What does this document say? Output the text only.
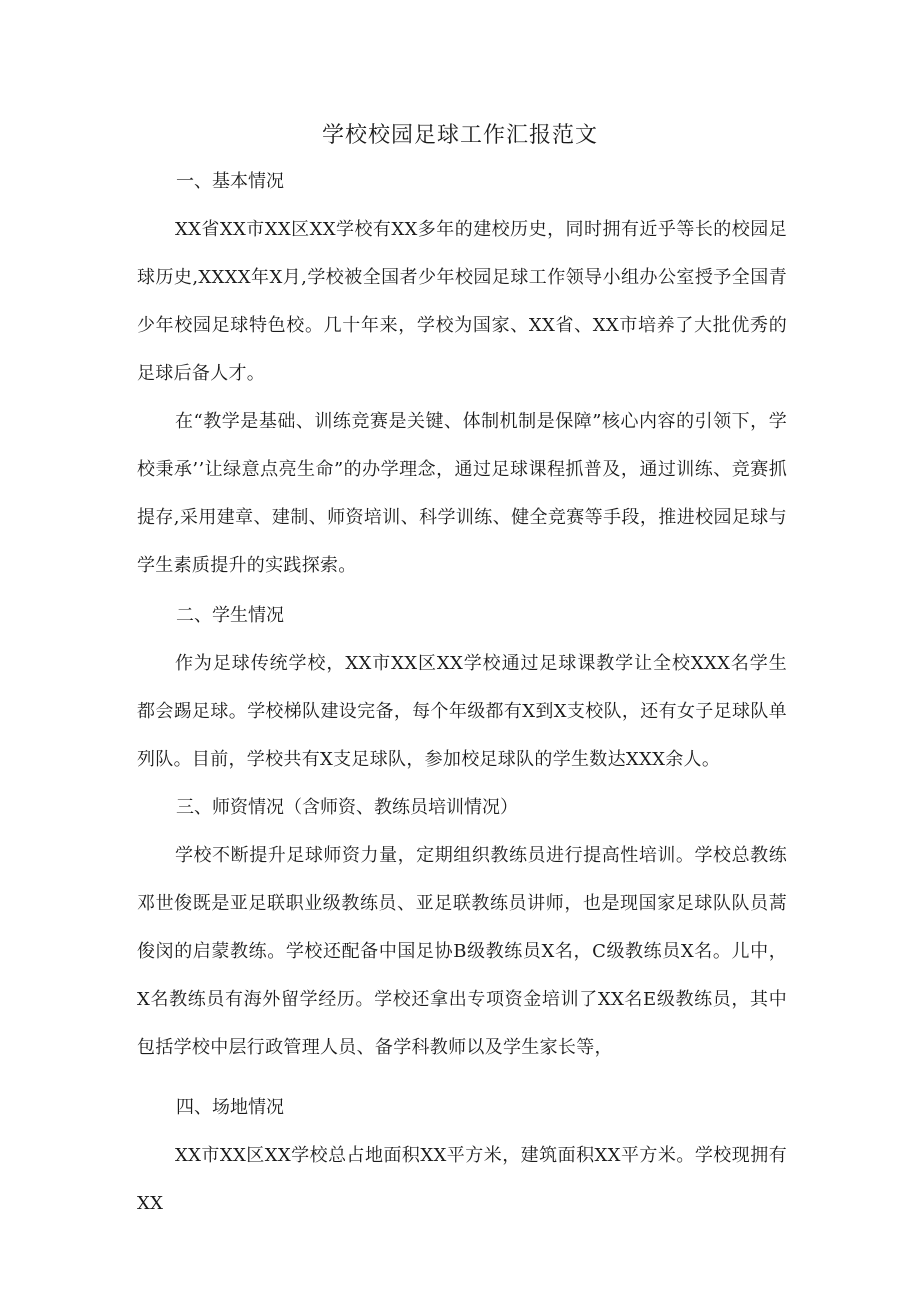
学校校园足球工作汇报范文
一、基本情况
XX省XX市XX区XX学校有XX多年的建校历史，同时拥有近乎等长的校园足球历史,XXXX年X月,学校被全国者少年校园足球工作领导小组办公室授予全国青少年校园足球特色校。几十年来，学校为国家、XX省、XX市培养了大批优秀的足球后备人才。
在“教学是基础、训练竞赛是关键、体制机制是保障”核心内容的引领下，学校秉承’’让绿意点亮生命”的办学理念，通过足球课程抓普及，通过训练、竞赛抓提存,采用建章、建制、师资培训、科学训练、健全竞赛等手段，推进校园足球与学生素质提升的实践探索。
二、学生情况
作为足球传统学校，XX市XX区XX学校通过足球课教学让全校XXX名学生都会踢足球。学校梯队建设完备，每个年级都有X到X支校队，还有女子足球队单列队。目前，学校共有X支足球队，参加校足球队的学生数达XXX余人。
三、师资情况（含师资、教练员培训情况）
学校不断提升足球师资力量，定期组织教练员进行提高性培训。学校总教练邓世俊既是亚足联职业级教练员、亚足联教练员讲师，也是现国家足球队队员蒿俊闵的启蒙教练。学校还配备中国足协B级教练员X名，C级教练员X名。儿中，X名教练员有海外留学经历。学校还拿出专项资金培训了XX名E级教练员，其中包括学校中层行政管理人员、备学科教师以及学生家长等，
四、场地情况
XX市XX区XX学校总占地面积XX平方米，建筑面积XX平方米。学校现拥有XX
